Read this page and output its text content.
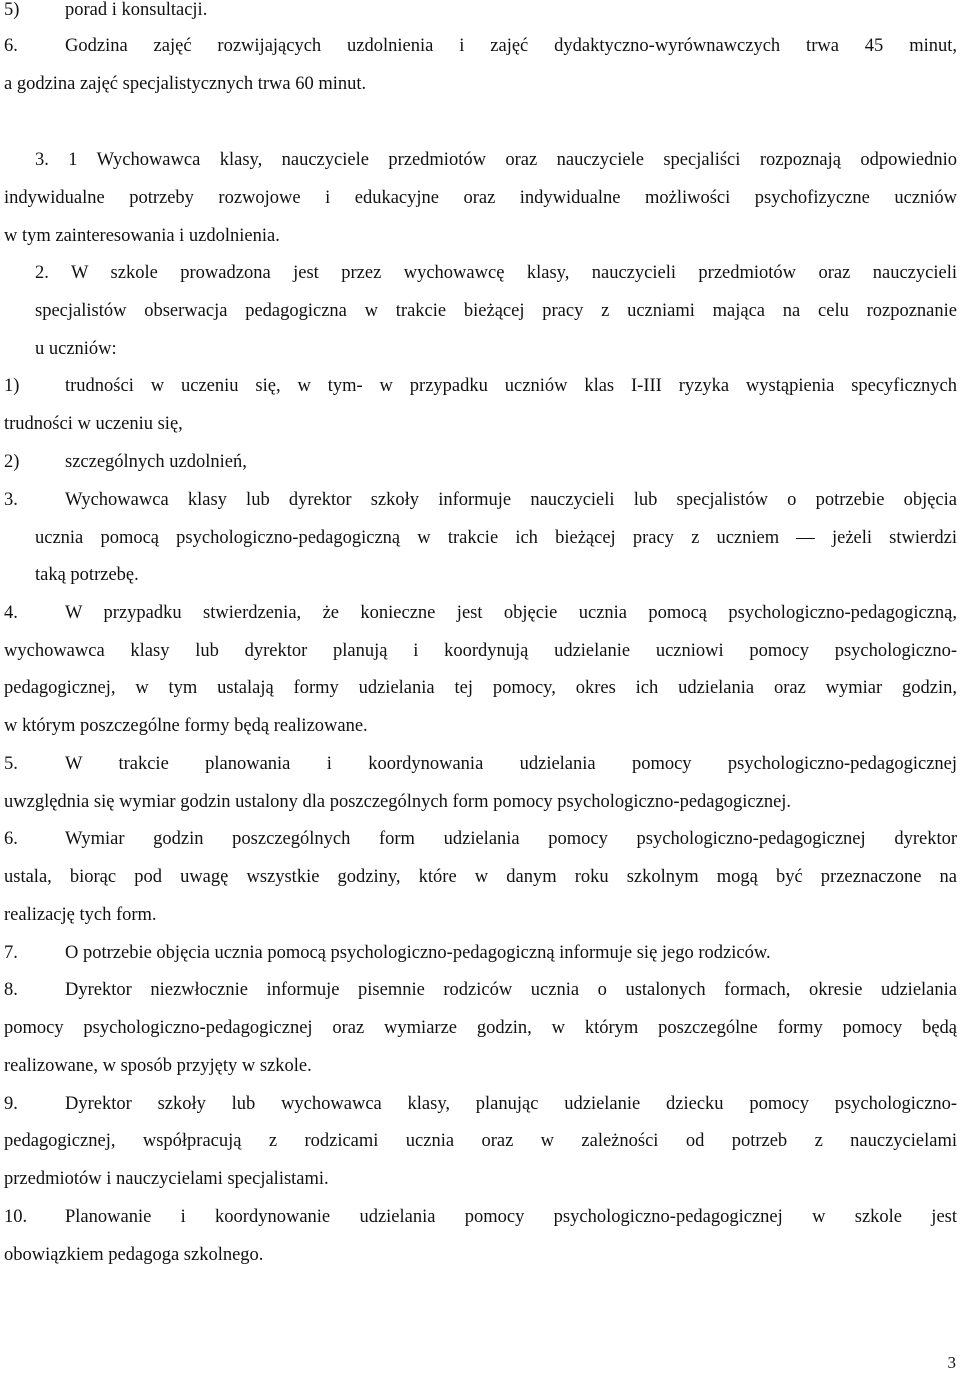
5) porad i konsultacji.
6.	Godzina zajęć rozwijających uzdolnienia i zajęć dydaktyczno-wyrównawczych trwa 45 minut,
a godzina zajęć specjalistycznych trwa 60 minut.
3. 1 Wychowawca klasy, nauczyciele przedmiotów oraz nauczyciele specjaliści rozpoznają odpowiednio
indywidualne potrzeby rozwojowe i edukacyjne oraz indywidualne możliwości psychofizyczne uczniów
w tym zainteresowania i uzdolnienia.
2. W szkole prowadzona jest przez wychowawcę klasy, nauczycieli przedmiotów oraz nauczycieli
specjalistów obserwacja pedagogiczna w trakcie bieżącej pracy z uczniami mająca na celu rozpoznanie
u uczniów:
1) trudności w uczeniu się, w tym- w przypadku uczniów klas I-III ryzyka wystąpienia specyficznych
trudności w uczeniu się,
2) szczególnych uzdolnień,
3.	Wychowawca klasy lub dyrektor szkoły informuje nauczycieli lub specjalistów o potrzebie objęcia
ucznia pomocą psychologiczno-pedagogiczną w trakcie ich bieżącej pracy z uczniem — jeżeli stwierdzi
taką potrzebę.
4.	W przypadku stwierdzenia, że konieczne jest objęcie ucznia pomocą psychologiczno-pedagogiczną,
wychowawca klasy lub dyrektor planują i koordynują udzielanie uczniowi pomocy psychologiczno-
pedagogicznej, w tym ustalają formy udzielania tej pomocy, okres ich udzielania oraz wymiar godzin,
w którym poszczególne formy będą realizowane.
5.	W trakcie planowania i koordynowania udzielania pomocy psychologiczno-pedagogicznej
uwzględnia się wymiar godzin ustalony dla poszczególnych form pomocy psychologiczno-pedagogicznej.
6.	Wymiar godzin poszczególnych form udzielania pomocy psychologiczno-pedagogicznej dyrektor
ustala, biorąc pod uwagę wszystkie godziny, które w danym roku szkolnym mogą być przeznaczone na
realizację tych form.
7.	O potrzebie objęcia ucznia pomocą psychologiczno-pedagogiczną informuje się jego rodziców.
8.	Dyrektor niezwłocznie informuje pisemnie rodziców ucznia o ustalonych formach, okresie udzielania
pomocy psychologiczno-pedagogicznej oraz wymiarze godzin, w którym poszczególne formy pomocy będą
realizowane, w sposób przyjęty w szkole.
9.	Dyrektor szkoły lub wychowawca klasy, planując udzielanie dziecku pomocy psychologiczno-
pedagogicznej, współpracują z rodzicami ucznia oraz w zależności od potrzeb z nauczycielami
przedmiotów i nauczycielami specjalistami.
10. Planowanie i koordynowanie udzielania pomocy psychologiczno-pedagogicznej w szkole jest
obowiązkiem pedagoga szkolnego.
3
